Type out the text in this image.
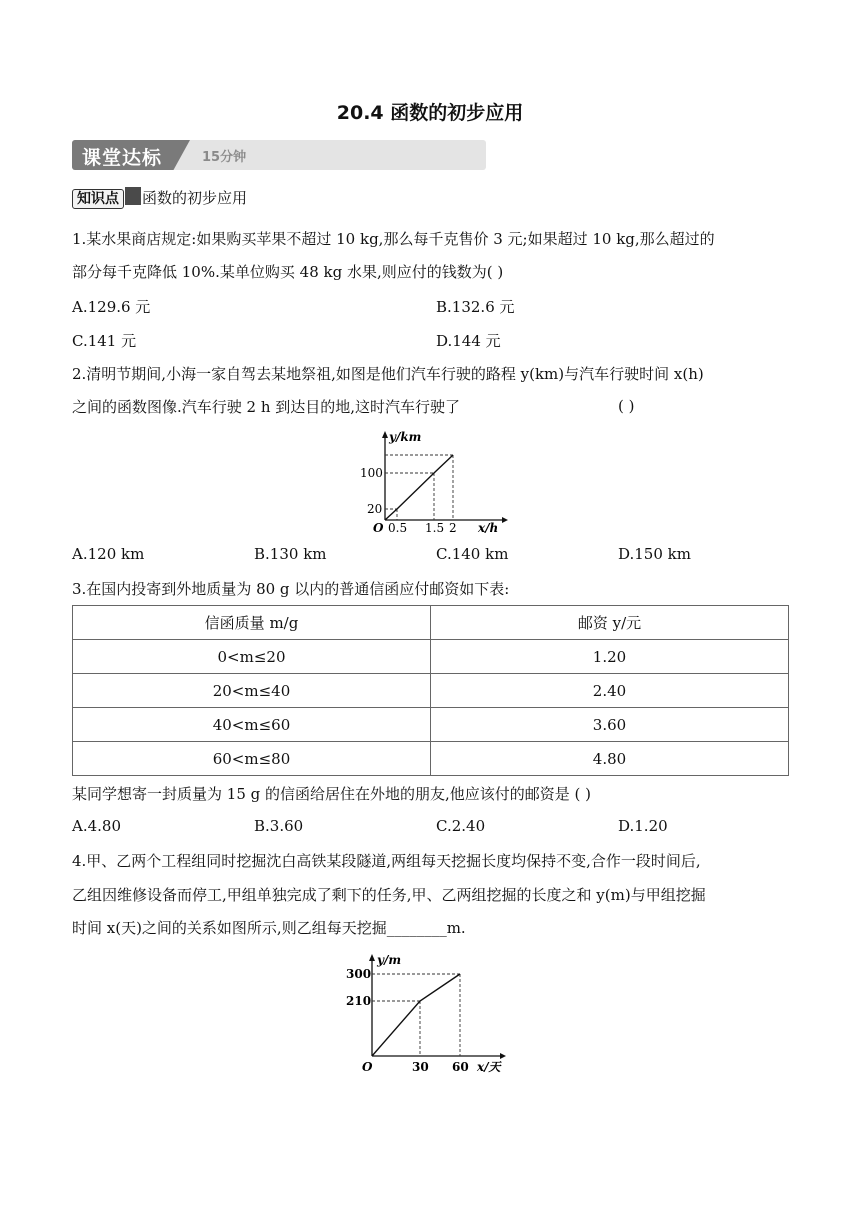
20.4 函数的初步应用
课堂达标	15分钟
知识点 函数的初步应用
1.某水果商店规定:如果购买苹果不超过 10 kg,那么每千克售价 3 元;如果超过 10 kg,那么超过的
部分每千克降低 10%.某单位购买 48 kg 水果,则应付的钱数为( )
A.129.6 元	B.132.6 元
C.141 元	D.144 元
2.清明节期间,小海一家自驾去某地祭祖,如图是他们汽车行驶的路程 y(km)与汽车行驶时间 x(h)
之间的函数图像.汽车行驶 2 h 到达目的地,这时汽车行驶了	( )
y/km
x/h
O
100
20
0.5 1.5 2
A.120 km	B.130 km	C.140 km	D.150 km
3.在国内投寄到外地质量为 80 g 以内的普通信函应付邮资如下表:
信函质量 m/g	邮资 y/元
0<m≤20	1.20
20<m≤40	2.40
40<m≤60	3.60
60<m≤80	4.80
某同学想寄一封质量为 15 g 的信函给居住在外地的朋友,他应该付的邮资是 ( )
A.4.80	B.3.60	C.2.40	D.1.20
4.甲、乙两个工程组同时挖掘沈白高铁某段隧道,两组每天挖掘长度均保持不变,合作一段时间后,
乙组因维修设备而停工,甲组单独完成了剩下的任务,甲、乙两组挖掘的长度之和 y(m)与甲组挖掘
时间 x(天)之间的关系如图所示,则乙组每天挖掘________m.
y/m
x/天
O
300
210
30 60
